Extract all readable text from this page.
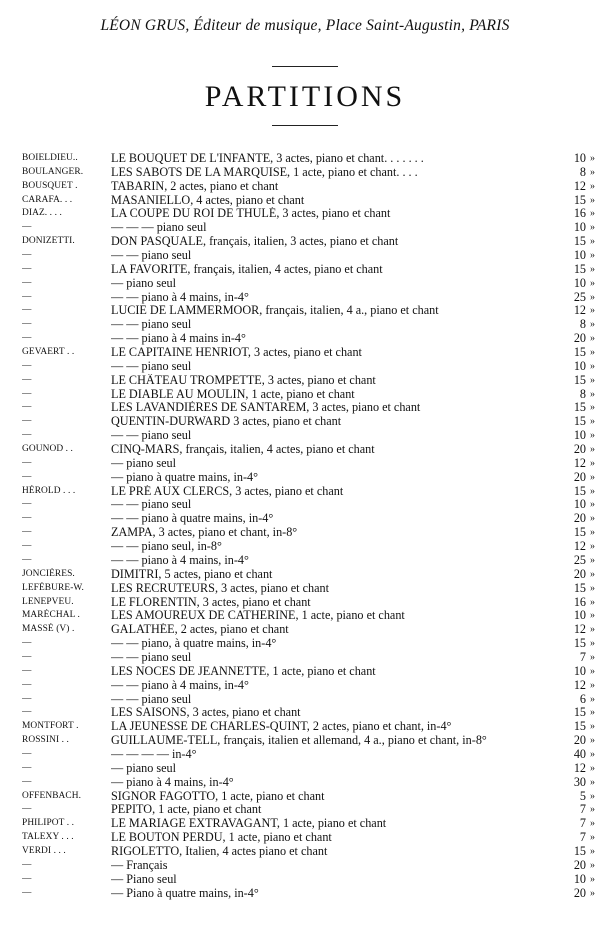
LÉON GRUS, Éditeur de musique, Place Saint-Augustin, PARIS
PARTITIONS
BOIELDIEU..	LE BOUQUET DE L'INFANTE, 3 actes, piano et chant. . . . . . .	10 »
BOULANGER.	LES SABOTS DE LA MARQUISE, 1 acte, piano et chant. . . .	8 »
BOUSQUET .	TABARIN, 2 actes, piano et chant	12 »
CARAFA. . .	MASANIELLO, 4 actes, piano et chant	15 »
DIAZ. . . .	LA COUPE DU ROI DE THULÉ, 3 actes, piano et chant	16 »
—	— — — piano seul	10 »
DONIZETTI.	DON PASQUALE, français, italien, 3 actes, piano et chant	15 »
—	— — piano seul	10 »
—	LA FAVORITE, français, italien, 4 actes, piano et chant	15 »
—	— piano seul	10 »
—	— — piano à 4 mains, in-4°	25 »
—	LUCIE DE LAMMERMOOR, français, italien, 4 a., piano et chant	12 »
—	— — piano seul	8 »
—	— — piano à 4 mains in-4°	20 »
GEVAERT . .	LE CAPITAINE HENRIOT, 3 actes, piano et chant	15 »
—	— — piano seul	10 »
—	LE CHÂTEAU TROMPETTE, 3 actes, piano et chant	15 »
—	LE DIABLE AU MOULIN, 1 acte, piano et chant	8 »
—	LES LAVANDIÈRES DE SANTAREM, 3 actes, piano et chant	15 »
—	QUENTIN-DURWARD 3 actes, piano et chant	15 »
—	— — piano seul	10 »
GOUNOD . .	CINQ-MARS, français, italien, 4 actes, piano et chant	20 »
—	— piano seul	12 »
—	— piano à quatre mains, in-4°	20 »
HÉROLD . . .	LE PRÉ AUX CLERCS, 3 actes, piano et chant	15 »
—	— — piano seul	10 »
—	— — piano à quatre mains, in-4°	20 »
—	ZAMPA, 3 actes, piano et chant, in-8°	15 »
—	— — piano seul, in-8°	12 »
—	— — piano à 4 mains, in-4°	25 »
JONCIÈRES.	DIMITRI, 5 actes, piano et chant	20 »
LEFÉBURE-W.	LES RECRUTEURS, 3 actes, piano et chant	15 »
LENEPVEU.	LE FLORENTIN, 3 actes, piano et chant	16 »
MARÉCHAL .	LES AMOUREUX DE CATHERINE, 1 acte, piano et chant	10 »
MASSÉ (V) .	GALATHÉE, 2 actes, piano et chant	12 »
—	— — piano, à quatre mains, in-4°	15 »
—	— — piano seul	7 »
—	LES NOCES DE JEANNETTE, 1 acte, piano et chant	10 »
—	— — piano à 4 mains, in-4°	12 »
—	— — piano seul	6 »
—	LES SAISONS, 3 actes, piano et chant	15 »
MONTFORT .	LA JEUNESSE DE CHARLES-QUINT, 2 actes, piano et chant, in-4°	15 »
ROSSINI . .	GUILLAUME-TELL, français, italien et allemand, 4 a., piano et chant, in-8°	20 »
—	— — — — in-4°	40 »
—	— piano seul	12 »
—	— piano à 4 mains, in-4°	30 »
OFFENBACH.	SIGNOR FAGOTTO, 1 acte, piano et chant	5 »
—	PEPITO, 1 acte, piano et chant	7 »
PHILIPOT . .	LE MARIAGE EXTRAVAGANT, 1 acte, piano et chant	7 »
TALEXY . . .	LE BOUTON PERDU, 1 acte, piano et chant	7 »
VERDI . . .	RIGOLETTO, Italien, 4 actes piano et chant	15 »
—	— Français	20 »
—	— Piano seul	10 »
—	— Piano à quatre mains, in-4°	20 »
